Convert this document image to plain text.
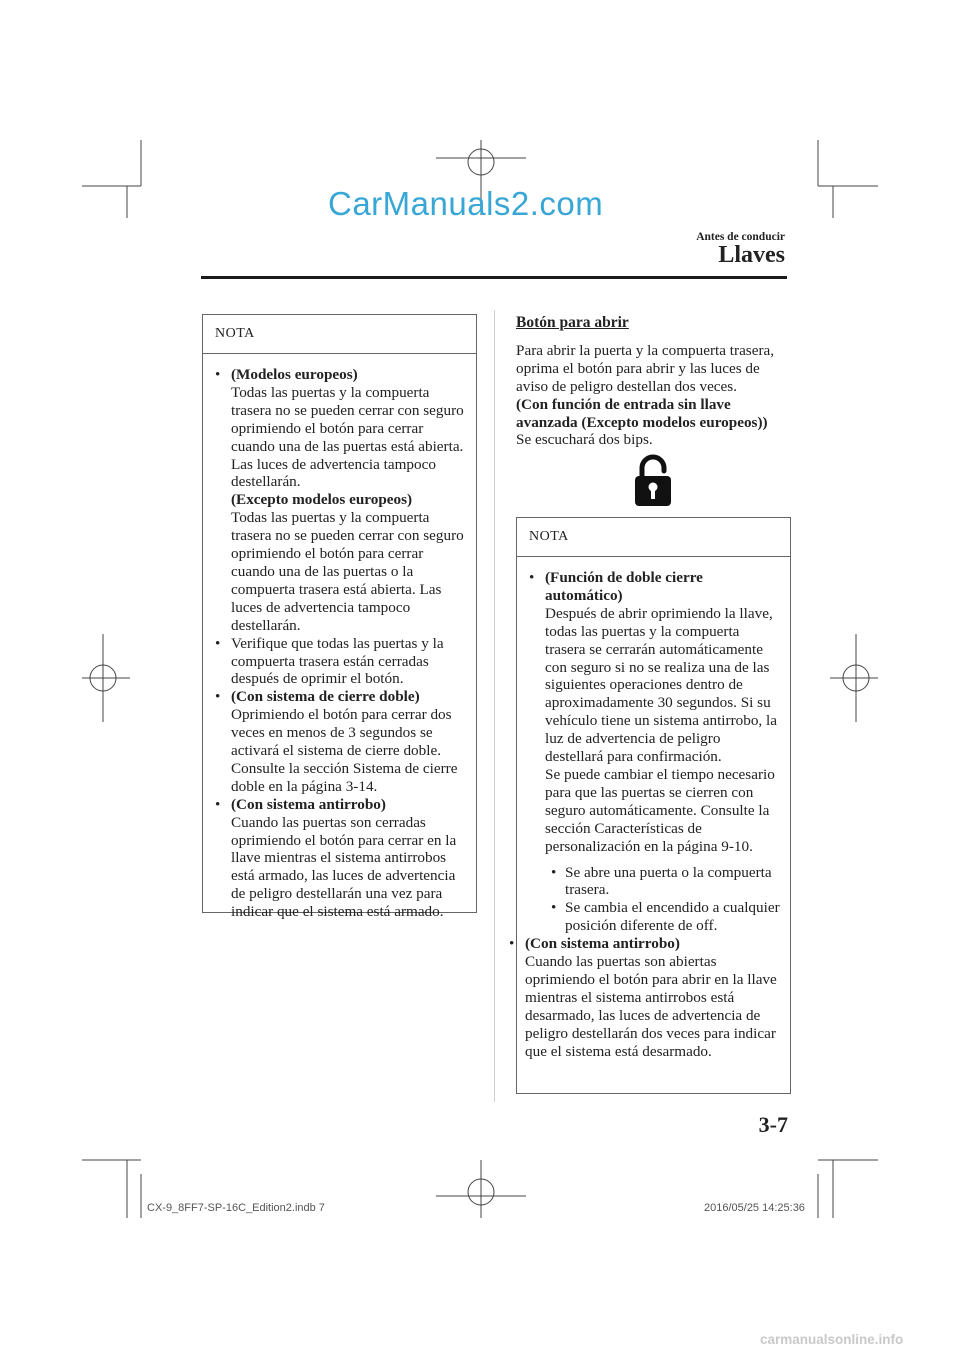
CarManuals2.com
Antes de conducir
Llaves
NOTA
• (Modelos europeos)
Todas las puertas y la compuerta trasera no se pueden cerrar con seguro oprimiendo el botón para cerrar cuando una de las puertas está abierta. Las luces de advertencia tampoco destellarán.
(Excepto modelos europeos)
Todas las puertas y la compuerta trasera no se pueden cerrar con seguro oprimiendo el botón para cerrar cuando una de las puertas o la compuerta trasera está abierta. Las luces de advertencia tampoco destellarán.
• Verifique que todas las puertas y la compuerta trasera están cerradas después de oprimir el botón.
• (Con sistema de cierre doble)
Oprimiendo el botón para cerrar dos veces en menos de 3 segundos se activará el sistema de cierre doble. Consulte la sección Sistema de cierre doble en la página 3-14.
• (Con sistema antirrobo)
Cuando las puertas son cerradas oprimiendo el botón para cerrar en la llave mientras el sistema antirrobos está armado, las luces de advertencia de peligro destellarán una vez para indicar que el sistema está armado.
Botón para abrir
Para abrir la puerta y la compuerta trasera, oprima el botón para abrir y las luces de aviso de peligro destellan dos veces.
(Con función de entrada sin llave avanzada (Excepto modelos europeos))
Se escuchará dos bips.
NOTA
• (Función de doble cierre automático)
Después de abrir oprimiendo la llave, todas las puertas y la compuerta trasera se cerrarán automáticamente con seguro si no se realiza una de las siguientes operaciones dentro de aproximadamente 30 segundos. Si su vehículo tiene un sistema antirrobo, la luz de advertencia de peligro destellará para confirmación.
Se puede cambiar el tiempo necesario para que las puertas se cierren con seguro automáticamente. Consulte la sección Características de personalización en la página 9-10.
• Se abre una puerta o la compuerta trasera.
• Se cambia el encendido a cualquier posición diferente de off.
• (Con sistema antirrobo)
Cuando las puertas son abiertas oprimiendo el botón para abrir en la llave mientras el sistema antirrobos está desarmado, las luces de advertencia de peligro destellarán dos veces para indicar que el sistema está desarmado.
3-7
CX-9_8FF7-SP-16C_Edition2.indb 7	2016/05/25 14:25:36
carmanualsonline.info
